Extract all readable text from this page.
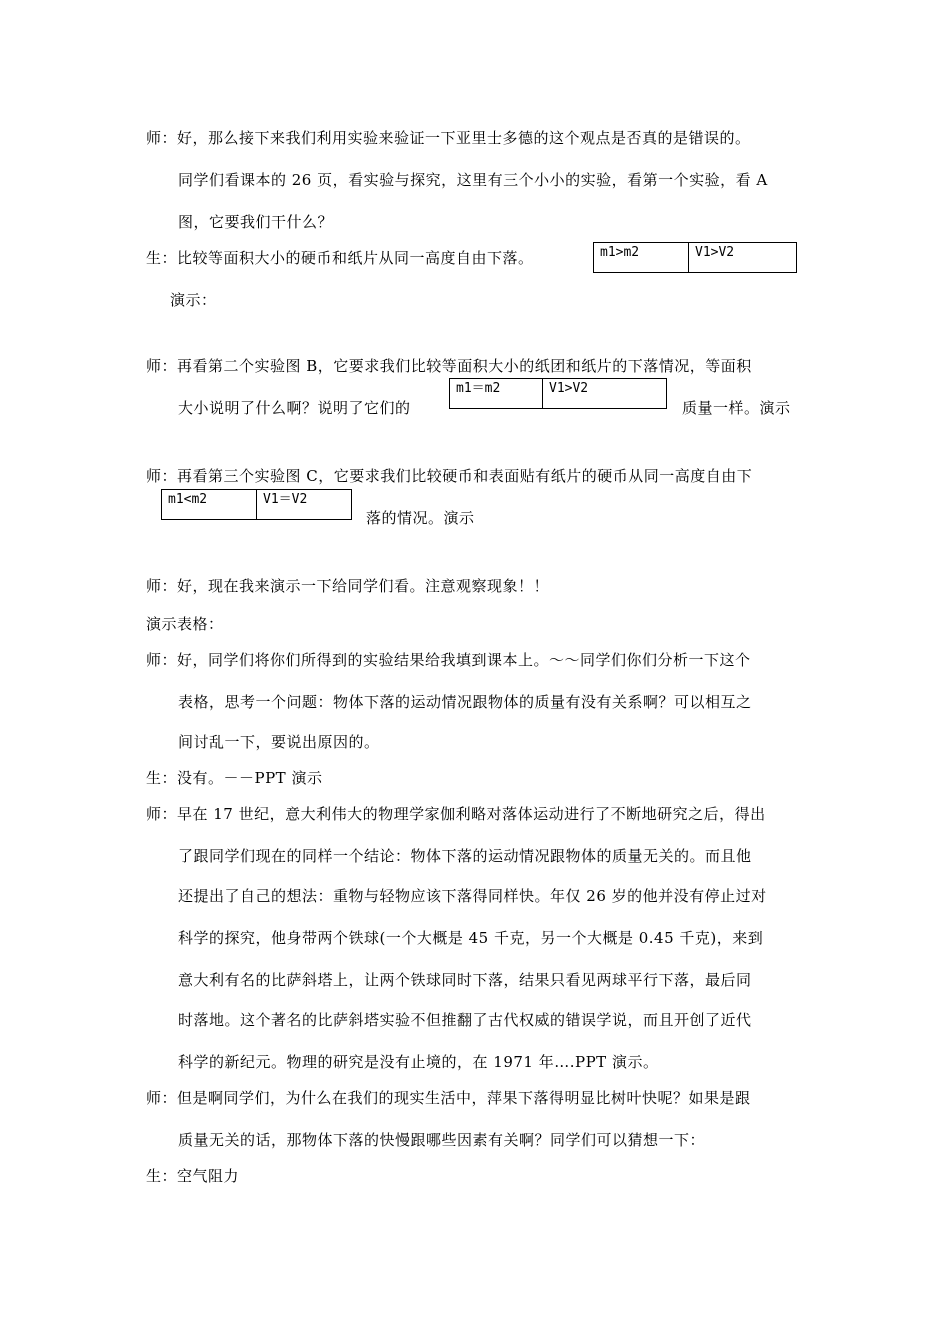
师：好，那么接下来我们利用实验来验证一下亚里士多德的这个观点是否真的是错误的。
同学们看课本的 26 页，看实验与探究，这里有三个小小的实验，看第一个实验，看 A
图，它要我们干什么？
生：比较等面积大小的硬币和纸片从同一高度自由下落。	m1>m2	V1>V2
演示：
师：再看第二个实验图 B，它要求我们比较等面积大小的纸团和纸片的下落情况，等面积
大小说明了什么啊？说明了它们的
m1＝m2	V1>V2
质量一样。演示
师：再看第三个实验图 C，它要求我们比较硬币和表面贴有纸片的硬币从同一高度自由下
m1<m2	V1＝V2
落的情况。演示
师：好，现在我来演示一下给同学们看。注意观察现象！！
演示表格：
师：好，同学们将你们所得到的实验结果给我填到课本上。～～同学们你们分析一下这个
表格，思考一个问题：物体下落的运动情况跟物体的质量有没有关系啊？可以相互之
间讨乱一下，要说出原因的。
生：没有。－－PPT 演示
师：早在 17 世纪，意大利伟大的物理学家伽利略对落体运动进行了不断地研究之后，得出
了跟同学们现在的同样一个结论：物体下落的运动情况跟物体的质量无关的。而且他
还提出了自己的想法：重物与轻物应该下落得同样快。年仅 26 岁的他并没有停止过对
科学的探究，他身带两个铁球(一个大概是 45 千克，另一个大概是 0.45 千克)，来到
意大利有名的比萨斜塔上，让两个铁球同时下落，结果只看见两球平行下落，最后同
时落地。这个著名的比萨斜塔实验不但推翻了古代权威的错误学说，而且开创了近代
科学的新纪元。物理的研究是没有止境的，在 1971 年….PPT 演示。
师：但是啊同学们，为什么在我们的现实生活中，萍果下落得明显比树叶快呢？如果是跟
质量无关的话，那物体下落的快慢跟哪些因素有关啊？同学们可以猜想一下：
生：空气阻力
